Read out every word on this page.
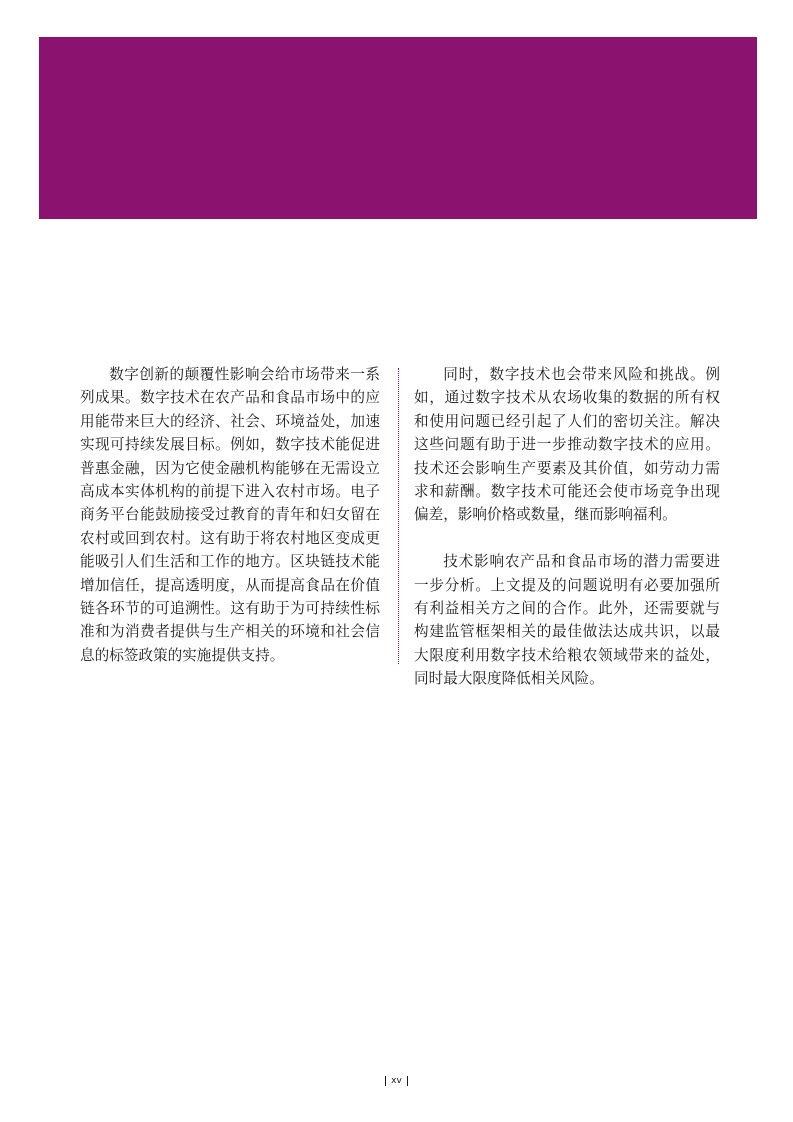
数字创新的颠覆性影响会给市场带来一系列成果。数字技术在农产品和食品市场中的应用能带来巨大的经济、社会、环境益处，加速实现可持续发展目标。例如，数字技术能促进普惠金融，因为它使金融机构能够在无需设立高成本实体机构的前提下进入农村市场。电子商务平台能鼓励接受过教育的青年和妇女留在农村或回到农村。这有助于将农村地区变成更能吸引人们生活和工作的地方。区块链技术能增加信任，提高透明度，从而提高食品在价值链各环节的可追溯性。这有助于为可持续性标准和为消费者提供与生产相关的环境和社会信息的标签政策的实施提供支持。

同时，数字技术也会带来风险和挑战。例如，通过数字技术从农场收集的数据的所有权和使用问题已经引起了人们的密切关注。解决这些问题有助于进一步推动数字技术的应用。技术还会影响生产要素及其价值，如劳动力需求和薪酬。数字技术可能还会使市场竞争出现偏差，影响价格或数量，继而影响福利。

技术影响农产品和食品市场的潜力需要进一步分析。上文提及的问题说明有必要加强所有利益相关方之间的合作。此外，还需要就与构建监管框架相关的最佳做法达成共识，以最大限度利用数字技术给粮农领域带来的益处，同时最大限度降低相关风险。

xv
